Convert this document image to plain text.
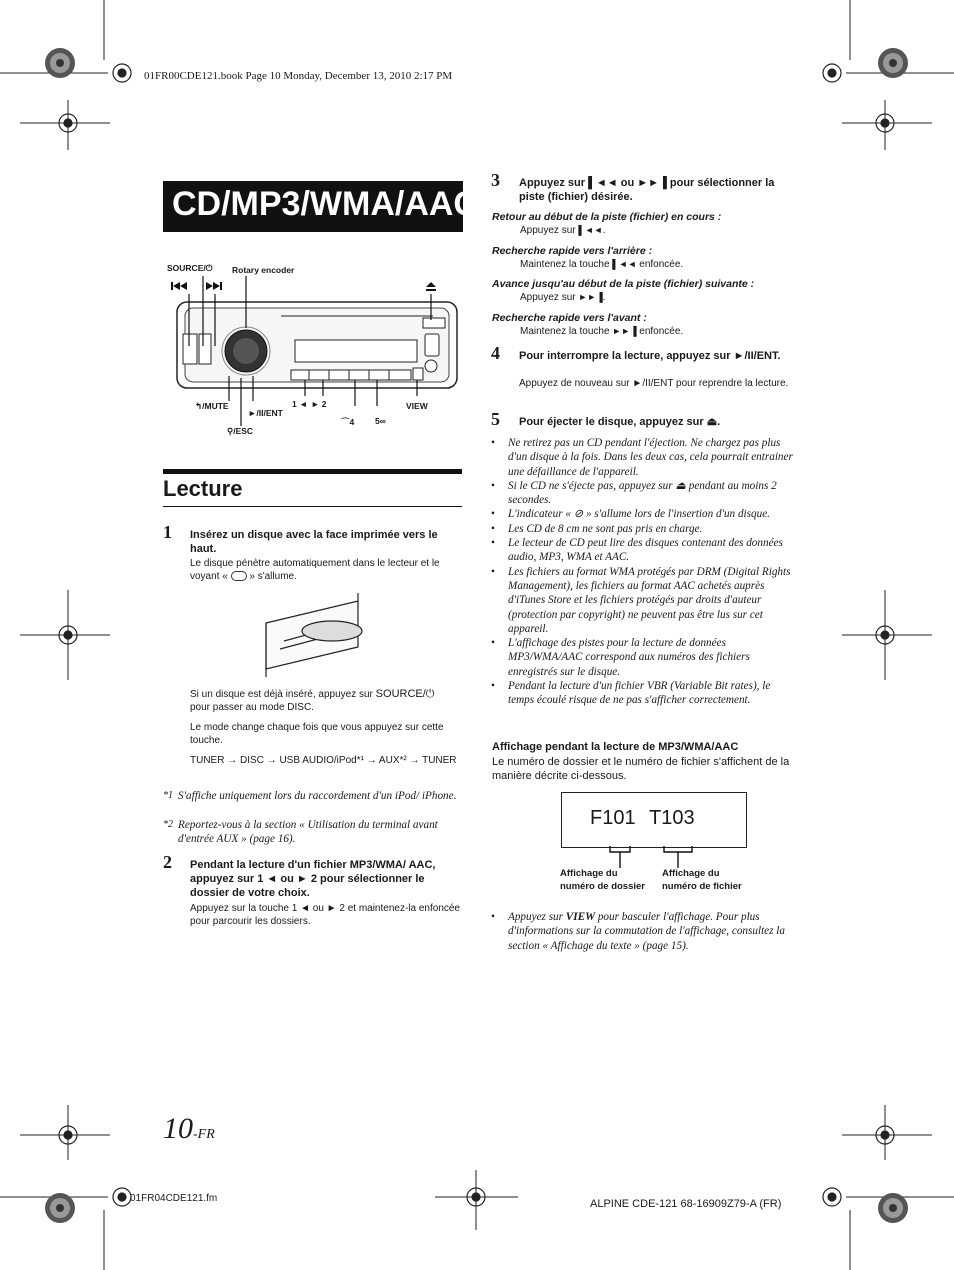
01FR00CDE121.book Page 10 Monday, December 13, 2010 2:17 PM
CD/MP3/WMA/AAC
SOURCE/⏻ Rotary encoder
↰/MUTE
►/II/ENT
⚲/ESC
1 ◄ ► 2
⌒4 5∞
VIEW
Lecture
1 Insérez un disque avec la face imprimée vers le haut.
Le disque pénètre automatiquement dans le lecteur et le voyant « » s'allume.
Si un disque est déjà inséré, appuyez sur SOURCE/⏻
pour passer au mode DISC.
Le mode change chaque fois que vous appuyez sur cette touche.
TUNER → DISC → USB AUDIO/iPod*¹ → AUX*² → TUNER
*1 S'affiche uniquement lors du raccordement d'un iPod/ iPhone.
*2 Reportez-vous à la section « Utilisation du terminal avant d'entrée AUX » (page 16).
2 Pendant la lecture d'un fichier MP3/WMA/ AAC, appuyez sur 1 ◄ ou ► 2 pour sélectionner le dossier de votre choix.
Appuyez sur la touche 1 ◄ ou ► 2 et maintenez-la enfoncée pour parcourir les dossiers.
3 Appuyez sur ▌◄◄ ou ►►▐ pour sélectionner la piste (fichier) désirée.
Retour au début de la piste (fichier) en cours :
Appuyez sur ▌◄◄.
Recherche rapide vers l'arrière :
Maintenez la touche ▌◄◄ enfoncée.
Avance jusqu'au début de la piste (fichier) suivante :
Appuyez sur ►►▐.
Recherche rapide vers l'avant :
Maintenez la touche ►►▐ enfoncée.
4 Pour interrompre la lecture, appuyez sur ►/II/ENT.
Appuyez de nouveau sur ►/II/ENT pour reprendre la lecture.
5 Pour éjecter le disque, appuyez sur ⏏.
• Ne retirez pas un CD pendant l'éjection. Ne chargez pas plus d'un disque à la fois. Dans les deux cas, cela pourrait entrainer une défaillance de l'appareil.
• Si le CD ne s'éjecte pas, appuyez sur ⏏ pendant au moins 2 secondes.
• L'indicateur « ⊘ » s'allume lors de l'insertion d'un disque.
• Les CD de 8 cm ne sont pas pris en charge.
• Le lecteur de CD peut lire des disques contenant des données audio, MP3, WMA et AAC.
• Les fichiers au format WMA protégés par DRM (Digital Rights Management), les fichiers au format AAC achetés auprès d'iTunes Store et les fichiers protégés par droits d'auteur (protection par copyright) ne peuvent pas être lus sur cet appareil.
• L'affichage des pistes pour la lecture de données MP3/WMA/AAC correspond aux numéros des fichiers enregistrés sur le disque.
• Pendant la lecture d'un fichier VBR (Variable Bit rates), le temps écoulé risque de ne pas s'afficher correctement.
Affichage pendant la lecture de MP3/WMA/AAC
Le numéro de dossier et le numéro de fichier s'affichent de la manière décrite ci-dessous.
F101 T103
Affichage du
numéro de dossier
Affichage du
numéro de fichier
•	Appuyez sur VIEW pour basculer l'affichage. Pour plus d'informations sur la commutation de l'affichage, consultez la section « Affichage du texte » (page 15).
10-FR
01FR04CDE121.fm	ALPINE CDE-121 68-16909Z79-A (FR)
